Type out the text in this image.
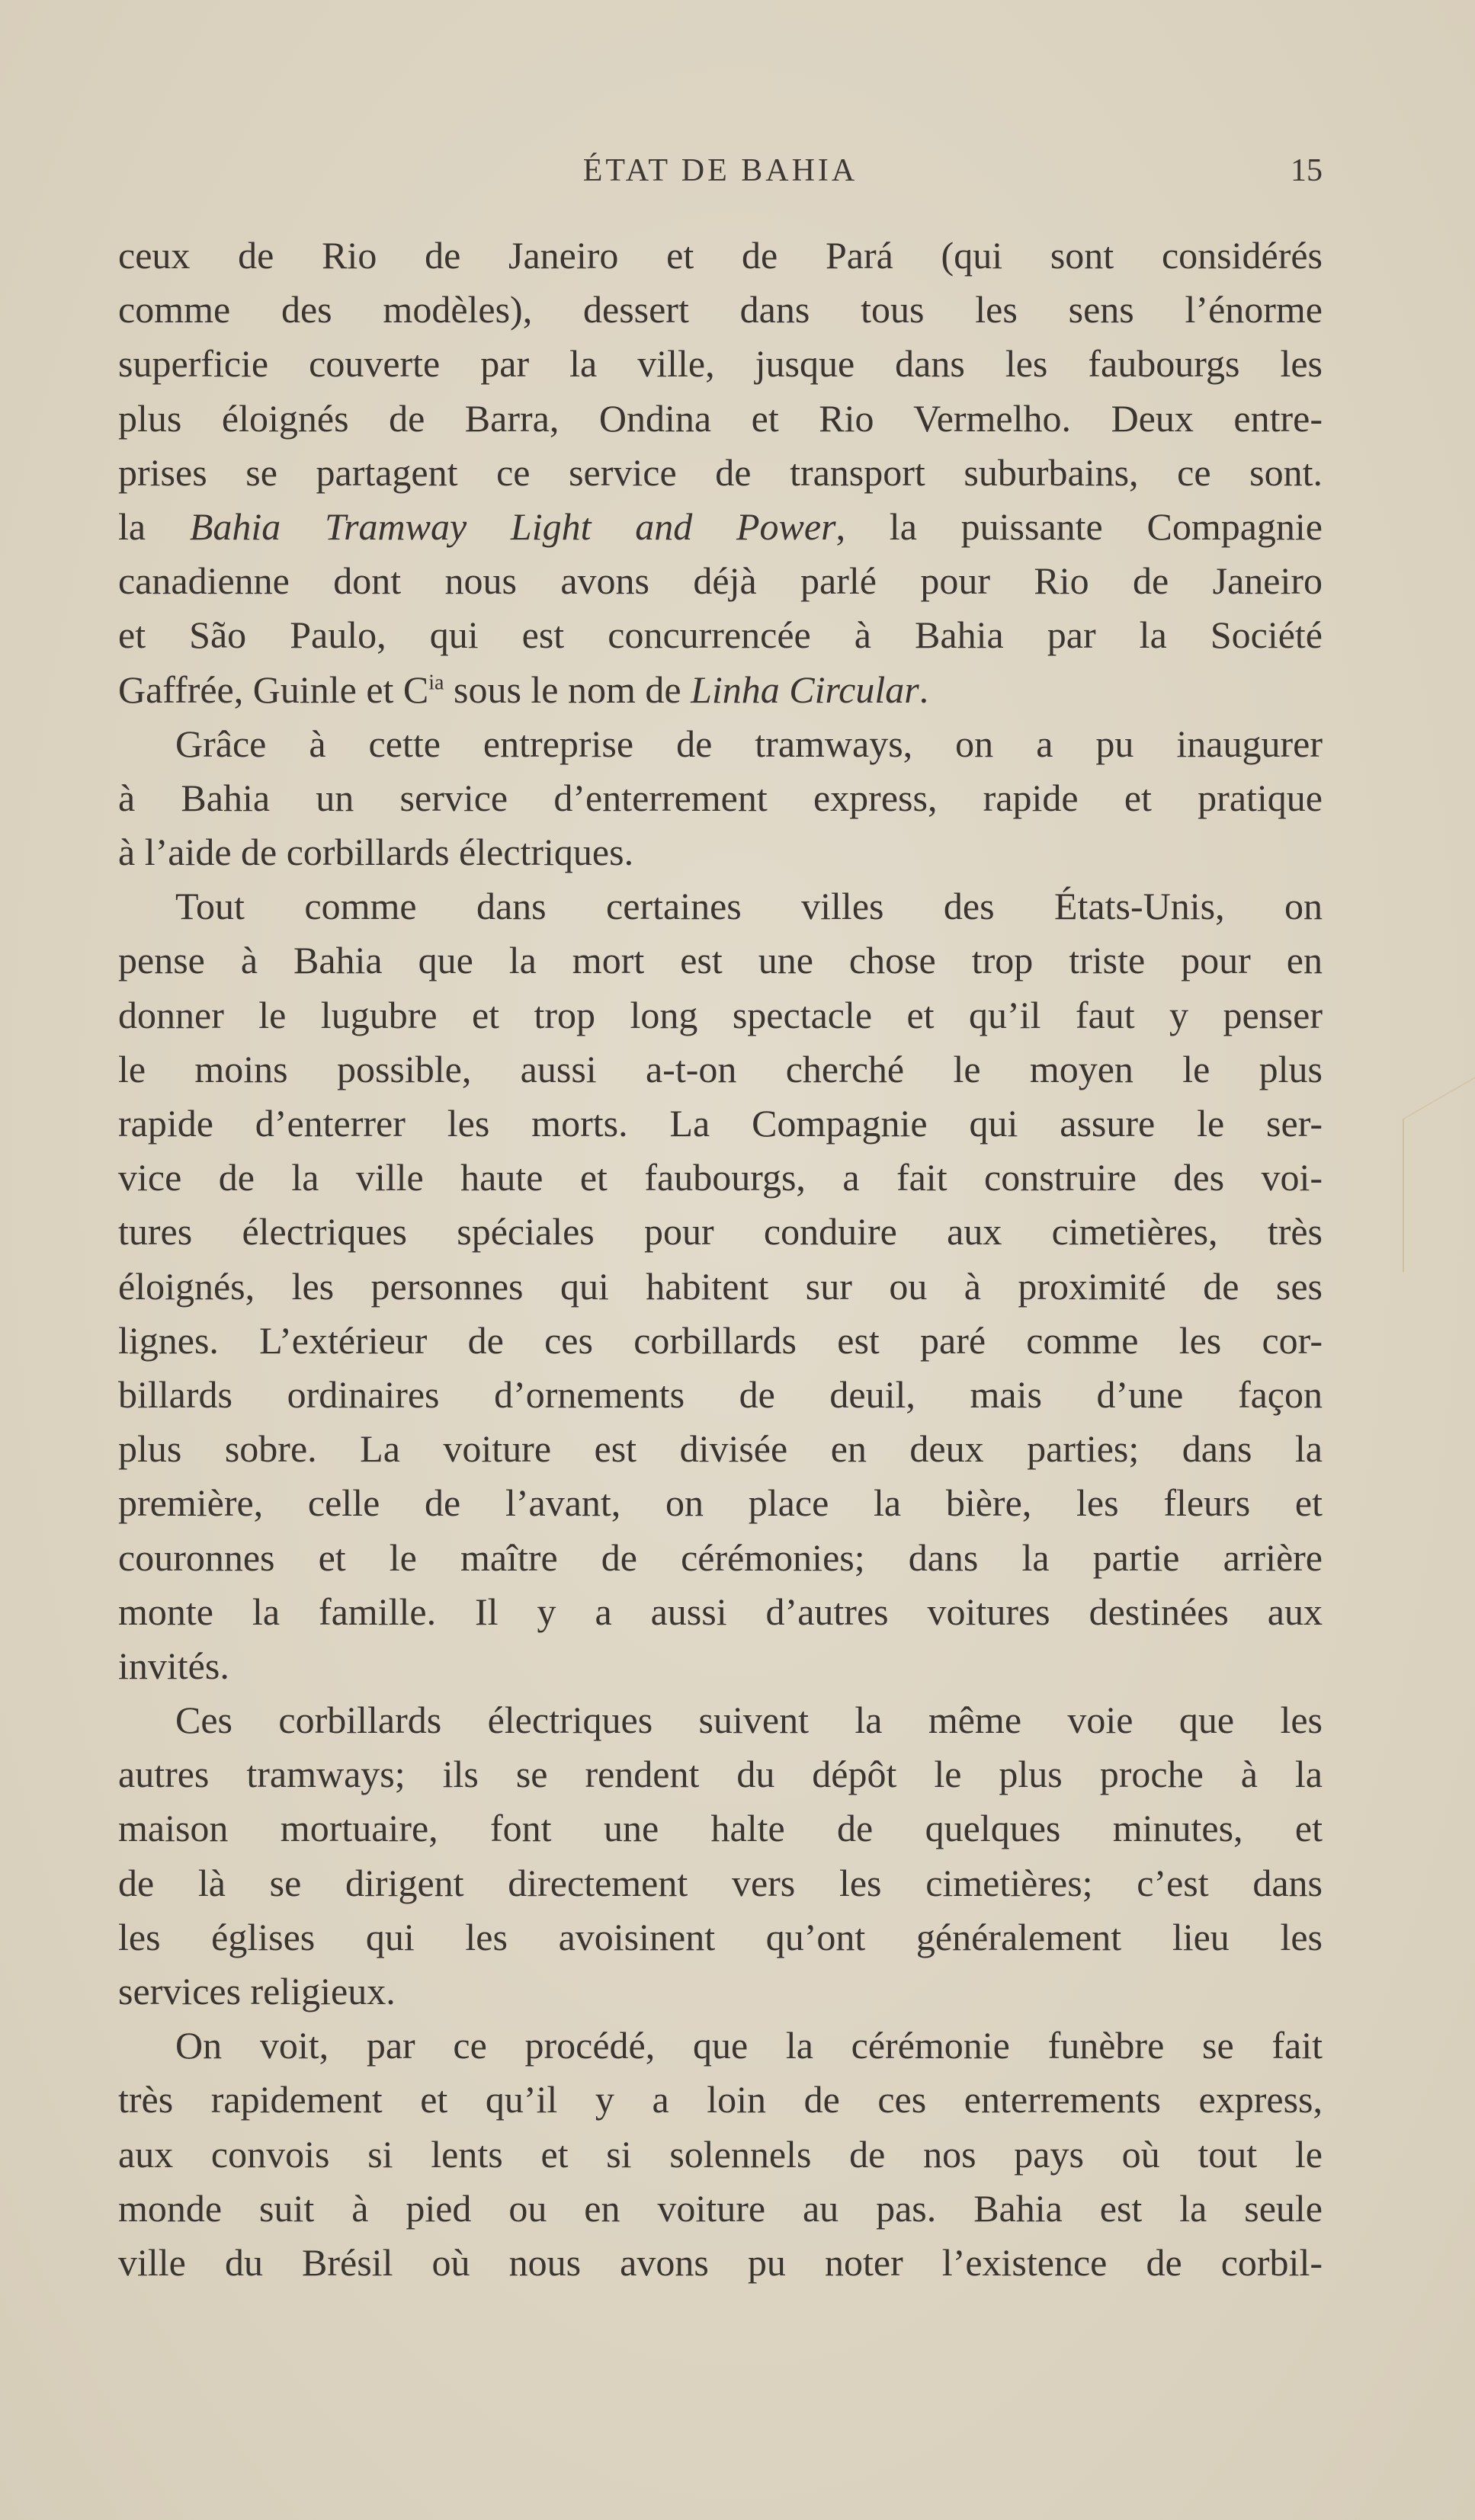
ÉTAT DE BAHIA	15
ceux de Rio de Janeiro et de Pará (qui sont considérés
comme des modèles), dessert dans tous les sens l’énorme
superficie couverte par la ville, jusque dans les faubourgs les
plus éloignés de Barra, Ondina et Rio Vermelho. Deux entre-
prises se partagent ce service de transport suburbains, ce sont.
la Bahia Tramway Light and Power, la puissante Compagnie
canadienne dont nous avons déjà parlé pour Rio de Janeiro
et São Paulo, qui est concurrencée à Bahia par la Société
Gaffrée, Guinle et $C^{ia}$ sous le nom de Linha Circular.
Grâce à cette entreprise de tramways, on a pu inaugurer
à Bahia un service d’enterrement express, rapide et pratique
à l’aide de corbillards électriques.
Tout comme dans certaines villes des États-Unis, on
pense à Bahia que la mort est une chose trop triste pour en
donner le lugubre et trop long spectacle et qu’il faut y penser
le moins possible, aussi a-t-on cherché le moyen le plus
rapide d’enterrer les morts. La Compagnie qui assure le ser-
vice de la ville haute et faubourgs, a fait construire des voi-
tures électriques spéciales pour conduire aux cimetières, très
éloignés, les personnes qui habitent sur ou à proximité de ses
lignes. L’extérieur de ces corbillards est paré comme les cor-
billards ordinaires d’ornements de deuil, mais d’une façon
plus sobre. La voiture est divisée en deux parties; dans la
première, celle de l’avant, on place la bière, les fleurs et
couronnes et le maître de cérémonies; dans la partie arrière
monte la famille. Il y a aussi d’autres voitures destinées aux
invités.
Ces corbillards électriques suivent la même voie que les
autres tramways; ils se rendent du dépôt le plus proche à la
maison mortuaire, font une halte de quelques minutes, et
de là se dirigent directement vers les cimetières; c’est dans
les églises qui les avoisinent qu’ont généralement lieu les
services religieux.
On voit, par ce procédé, que la cérémonie funèbre se fait
très rapidement et qu’il y a loin de ces enterrements express,
aux convois si lents et si solennels de nos pays où tout le
monde suit à pied ou en voiture au pas. Bahia est la seule
ville du Brésil où nous avons pu noter l’existence de corbil-
